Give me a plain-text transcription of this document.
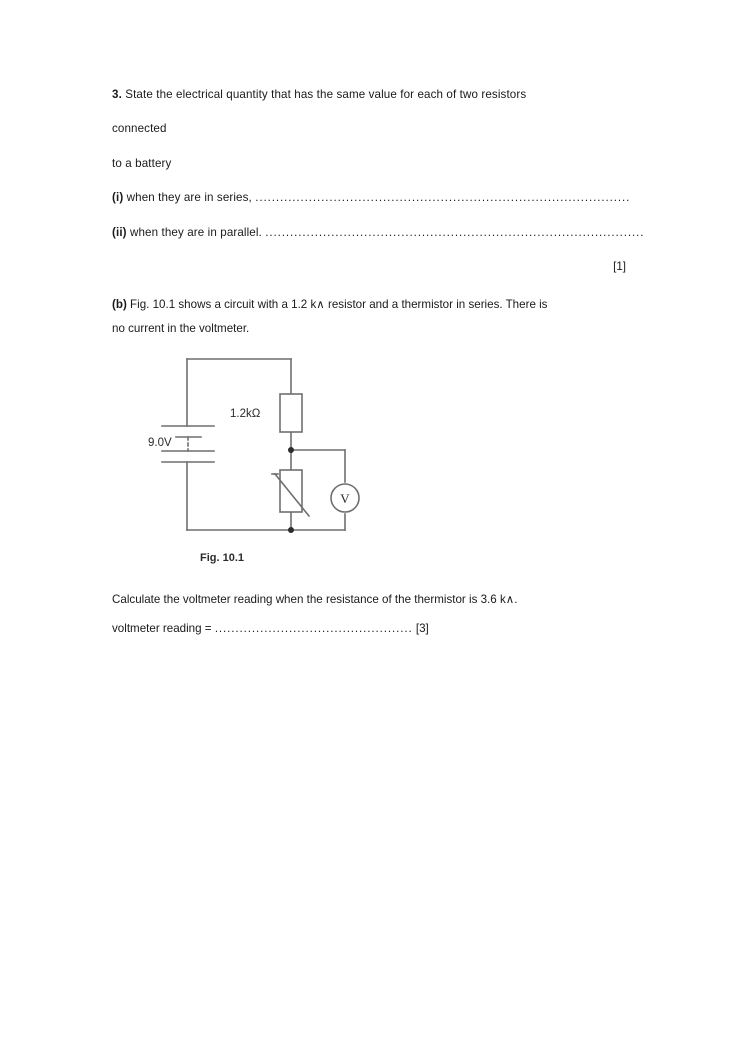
3. State the electrical quantity that has the same value for each of two resistors

connected

to a battery

(i) when they are in series, ...........................................................................................

(ii) when they are in parallel. ............................................................................................

[1]

(b) Fig. 10.1 shows a circuit with a 1.2 k∧ resistor and a thermistor in series. There is
no current in the voltmeter.

9.0V
1.2kΩ
V
Fig. 10.1

Calculate the voltmeter reading when the resistance of the thermistor is 3.6 k∧.

voltmeter reading = ................................................ [3]
